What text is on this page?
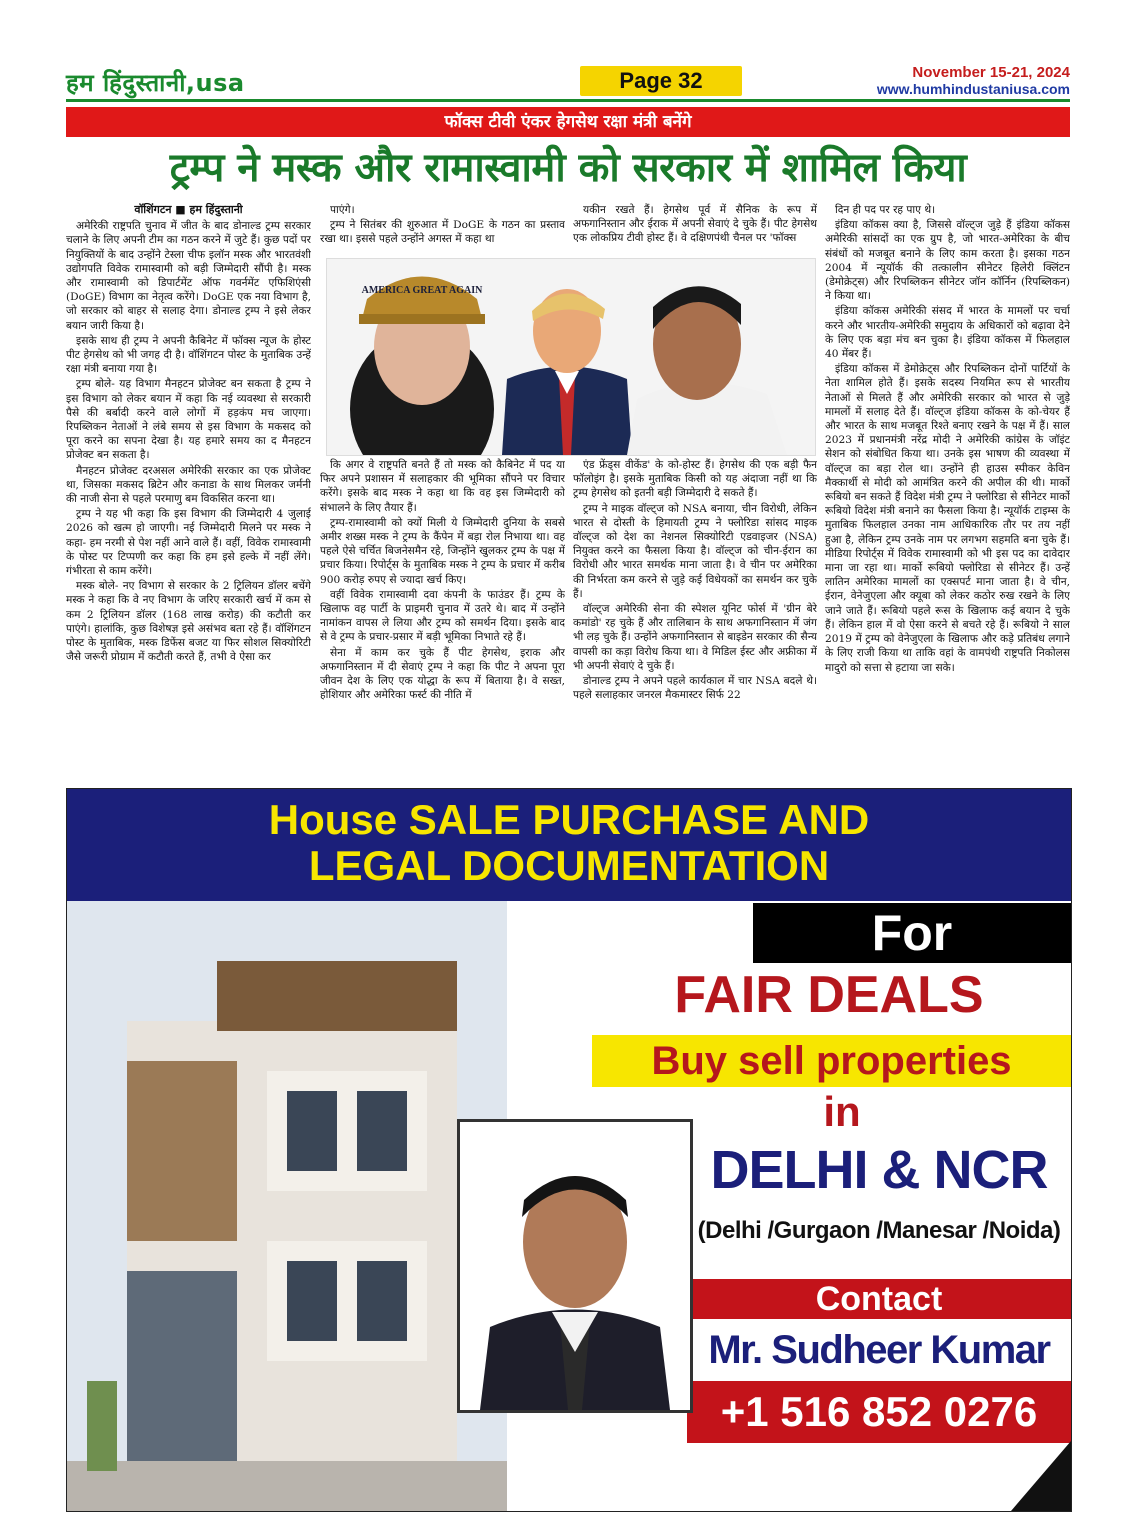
हम हिंदुस्तानी,usa	Page 32	November 15-21, 2024
www.humhindustaniusa.com
फॉक्स टीवी एंकर हेगसेथ रक्षा मंत्री बनेंगे
ट्रम्प ने मस्क और रामास्वामी को सरकार में शामिल किया
वॉशिंगटन ■ हम हिंदुस्तानी

अमेरिकी राष्ट्रपति चुनाव में जीत के बाद डोनाल्ड ट्रम्प सरकार चलाने के लिए अपनी टीम का गठन करने में जुटे हैं। कुछ पदों पर नियुक्तियों के बाद उन्होंने टेस्ला चीफ इलॉन मस्क और भारतवंशी उद्योगपति विवेक रामास्वामी को बड़ी जिम्मेदारी सौंपी है। मस्क और रामास्वामी को डिपार्टमेंट ऑफ गवर्नमेंट एफिशिएंसी (DoGE) विभाग का नेतृत्व करेंगे। DoGE एक नया विभाग है, जो सरकार को बाहर से सलाह देगा। डोनाल्ड ट्रम्प ने इसे लेकर बयान जारी किया है।

इसके साथ ही ट्रम्प ने अपनी कैबिनेट में फॉक्स न्यूज के होस्ट पीट हेगसेथ को भी जगह दी है। वॉशिंगटन पोस्ट के मुताबिक उन्हें रक्षा मंत्री बनाया गया है।

ट्रम्प बोले- यह विभाग मैनहटन प्रोजेक्ट बन सकता है ट्रम्प ने इस विभाग को लेकर बयान में कहा कि नई व्यवस्था से सरकारी पैसे की बर्बादी करने वाले लोगों में हड़कंप मच जाएगा। रिपब्लिकन नेताओं ने लंबे समय से इस विभाग के मकसद को पूरा करने का सपना देखा है। यह हमारे समय का द मैनहटन प्रोजेक्ट बन सकता है।

मैनहटन प्रोजेक्ट दरअसल अमेरिकी सरकार का एक प्रोजेक्ट था, जिसका मकसद ब्रिटेन और कनाडा के साथ मिलकर जर्मनी की नाजी सेना से पहले परमाणु बम विकसित करना था।

ट्रम्प ने यह भी कहा कि इस विभाग की जिम्मेदारी 4 जुलाई 2026 को खत्म हो जाएगी। नई जिम्मेदारी मिलने पर मस्क ने कहा- हम नरमी से पेश नहीं आने वाले हैं। वहीं, विवेक रामास्वामी के पोस्ट पर टिप्पणी कर कहा कि हम इसे हल्के में नहीं लेंगे। गंभीरता से काम करेंगे।

मस्क बोले- नए विभाग से सरकार के 2 ट्रिलियन डॉलर बचेंगे मस्क ने कहा कि वे नए विभाग के जरिए सरकारी खर्च में कम से कम 2 ट्रिलियन डॉलर (168 लाख करोड़) की कटौती कर पाएंगे। हालांकि, कुछ विशेषज्ञ इसे असंभव बता रहे हैं। वॉशिंगटन पोस्ट के मुताबिक, मस्क डिफेंस बजट या फिर सोशल सिक्योरिटी जैसे जरूरी प्रोग्राम में कटौती करते हैं, तभी वे ऐसा कर

पाएंगे।

ट्रम्प ने सितंबर की शुरुआत में DoGE के गठन का प्रस्ताव रखा था। इससे पहले उन्होंने अगस्त में कहा था

कि अगर वे राष्ट्रपति बनते हैं तो मस्क को कैबिनेट में पद या फिर अपने प्रशासन में सलाहकार की भूमिका सौंपने पर विचार करेंगे। इसके बाद मस्क ने कहा था कि वह इस जिम्मेदारी को संभालने के लिए तैयार हैं।

ट्रम्प-रामास्वामी को क्यों मिली ये जिम्मेदारी दुनिया के सबसे अमीर शख्स मस्क ने ट्रम्प के कैंपेन में बड़ा रोल निभाया था। वह पहले ऐसे चर्चित बिजनेसमैन रहे, जिन्होंने खुलकर ट्रम्प के पक्ष में प्रचार किया। रिपोर्ट्स के मुताबिक मस्क ने ट्रम्प के प्रचार में करीब 900 करोड़ रुपए से ज्यादा खर्च किए।

वहीं विवेक रामास्वामी दवा कंपनी के फाउंडर हैं। ट्रम्प के खिलाफ वह पार्टी के प्राइमरी चुनाव में उतरे थे। बाद में उन्होंने नामांकन वापस ले लिया और ट्रम्प को समर्थन दिया। इसके बाद से वे ट्रम्प के प्रचार-प्रसार में बड़ी भूमिका निभाते रहे हैं।

सेना में काम कर चुके हैं पीट हेगसेथ, इराक और अफगानिस्तान में दी सेवाएं ट्रम्प ने कहा कि पीट ने अपना पूरा जीवन देश के लिए एक योद्धा के रूप में बिताया है। वे सख्त, होशियार और अमेरिका फर्स्ट की नीति में

यकीन रखते हैं। हेगसेथ पूर्व में सैनिक के रूप में अफगानिस्तान और ईराक में अपनी सेवाएं दे चुके हैं। पीट हेगसेथ एक लोकप्रिय टीवी होस्ट हैं। वे दक्षिणपंथी चैनल पर 'फॉक्स

एंड फ्रेंड्स वीकेंड' के को-होस्ट हैं। हेगसेथ की एक बड़ी फैन फॉलोइंग है। इसके मुताबिक किसी को यह अंदाजा नहीं था कि ट्रम्प हेगसेथ को इतनी बड़ी जिम्मेदारी दे सकते हैं।

ट्रम्प ने माइक वॉल्ट्ज को NSA बनाया, चीन विरोधी, लेकिन भारत से दोस्ती के हिमायती ट्रम्प ने फ्लोरिडा सांसद माइक वॉल्ट्ज को देश का नेशनल सिक्योरिटी एडवाइजर (NSA) नियुक्त करने का फैसला किया है। वॉल्ट्ज को चीन-ईरान का विरोधी और भारत समर्थक माना जाता है। वे चीन पर अमेरिका की निर्भरता कम करने से जुड़े कई विधेयकों का समर्थन कर चुके हैं।

वॉल्ट्ज अमेरिकी सेना की स्पेशल यूनिट फोर्स में 'ग्रीन बेरे कमांडो' रह चुके हैं और तालिबान के साथ अफगानिस्तान में जंग भी लड़ चुके हैं। उन्होंने अफगानिस्तान से बाइडेन सरकार की सैन्य वापसी का कड़ा विरोध किया था। वे मिडिल ईस्ट और अफ्रीका में भी अपनी सेवाएं दे चुके हैं।

डोनाल्ड ट्रम्प ने अपने पहले कार्यकाल में चार NSA बदले थे। पहले सलाहकार जनरल मैकमास्टर सिर्फ 22

दिन ही पद पर रह पाए थे।

इंडिया कॉकस क्या है, जिससे वॉल्ट्ज जुड़े हैं इंडिया कॉकस अमेरिकी सांसदों का एक ग्रुप है, जो भारत-अमेरिका के बीच संबंधों को मजबूत बनाने के लिए काम करता है। इसका गठन 2004 में न्यूयॉर्क की तत्कालीन सीनेटर हिलेरी क्लिंटन (डेमोक्रेट्स) और रिपब्लिकन सीनेटर जॉन कॉर्निन (रिपब्लिकन) ने किया था।

इंडिया कॉकस अमेरिकी संसद में भारत के मामलों पर चर्चा करने और भारतीय-अमेरिकी समुदाय के अधिकारों को बढ़ावा देने के लिए एक बड़ा मंच बन चुका है। इंडिया कॉकस में फिलहाल 40 मेंबर हैं।

इंडिया कॉकस में डेमोक्रेट्स और रिपब्लिकन दोनों पार्टियों के नेता शामिल होते हैं। इसके सदस्य नियमित रूप से भारतीय नेताओं से मिलते हैं और अमेरिकी सरकार को भारत से जुड़े मामलों में सलाह देते हैं। वॉल्ट्ज इंडिया कॉकस के को-चेयर हैं और भारत के साथ मजबूत रिश्ते बनाए रखने के पक्ष में हैं। साल 2023 में प्रधानमंत्री नरेंद्र मोदी ने अमेरिकी कांग्रेस के जॉइंट सेशन को संबोधित किया था। उनके इस भाषण की व्यवस्था में वॉल्ट्ज का बड़ा रोल था। उन्होंने ही हाउस स्पीकर केविन मैक्कार्थी से मोदी को आमंत्रित करने की अपील की थी। मार्को रूबियो बन सकते हैं विदेश मंत्री ट्रम्प ने फ्लोरिडा से सीनेटर मार्को रूबियो विदेश मंत्री बनाने का फैसला किया है। न्यूयॉर्क टाइम्स के मुताबिक फिलहाल उनका नाम आधिकारिक तौर पर तय नहीं हुआ है, लेकिन ट्रम्प उनके नाम पर लगभग सहमति बना चुके हैं। मीडिया रिपोर्ट्स में विवेक रामास्वामी को भी इस पद का दावेदार माना जा रहा था। मार्को रूबियो फ्लोरिडा से सीनेटर हैं। उन्हें लातिन अमेरिका मामलों का एक्सपर्ट माना जाता है। वे चीन, ईरान, वेनेजुएला और क्यूबा को लेकर कठोर रुख रखने के लिए जाने जाते हैं। रूबियो पहले रूस के खिलाफ कई बयान दे चुके हैं। लेकिन हाल में वो ऐसा करने से बचते रहे हैं। रूबियो ने साल 2019 में ट्रम्प को वेनेजुएला के खिलाफ और कड़े प्रतिबंध लगाने के लिए राजी किया था ताकि वहां के वामपंथी राष्ट्रपति निकोलस मादुरो को सत्ता से हटाया जा सके।

AMERICA GREAT AGAIN
House SALE PURCHASE AND
LEGAL DOCUMENTATION
For
FAIR DEALS
Buy sell properties
in
DELHI & NCR
(Delhi /Gurgaon /Manesar /Noida)
Contact
Mr. Sudheer Kumar
+1 516 852 0276
